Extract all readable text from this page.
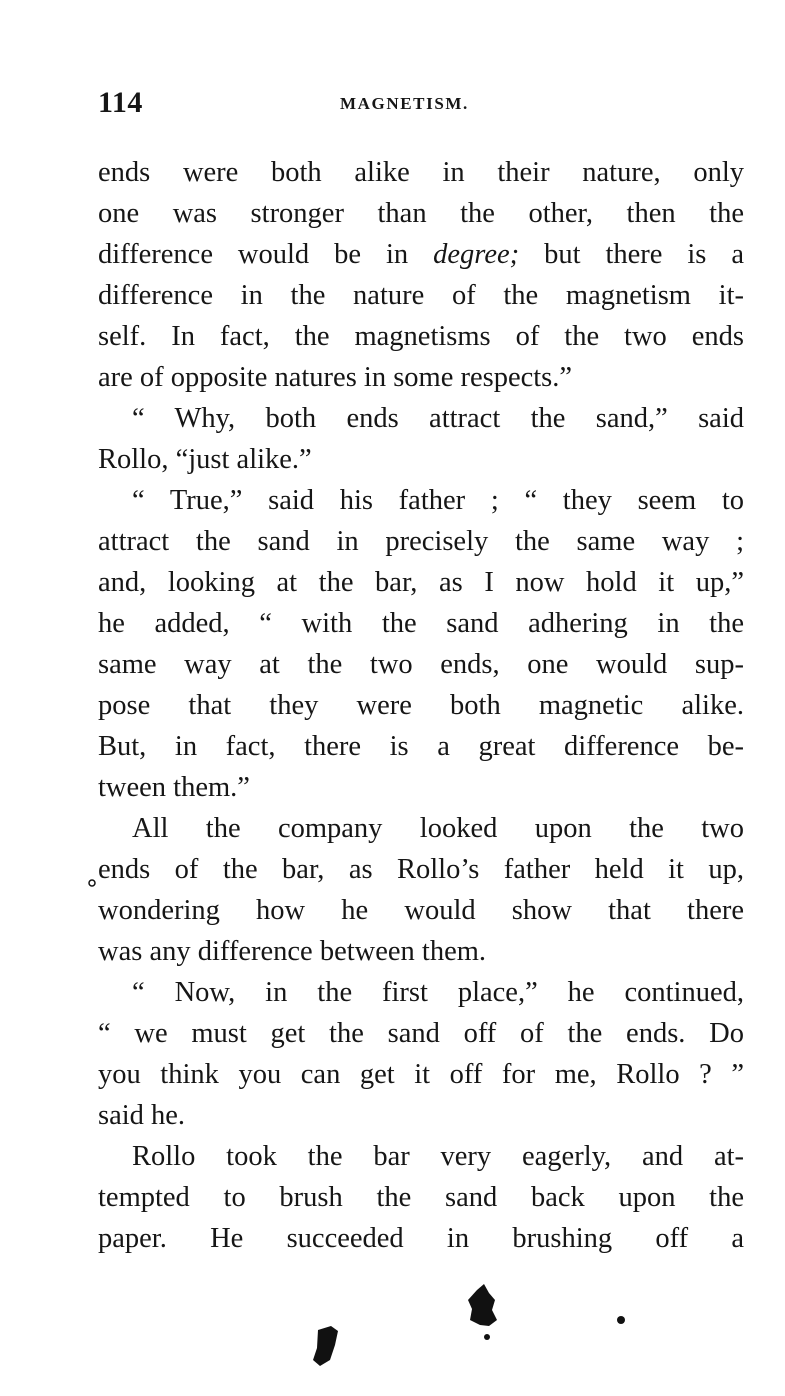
114	MAGNETISM.
ends were both alike in their nature, only
one was stronger than the other, then the
difference would be in degree; but there is a
difference in the nature of the magnetism it-
self. In fact, the magnetisms of the two ends
are of opposite natures in some respects.”
“ Why, both ends attract the sand,” said
Rollo, “just alike.”
“ True,” said his father ; “ they seem to
attract the sand in precisely the same way ;
and, looking at the bar, as I now hold it up,”
he added, “ with the sand adhering in the
same way at the two ends, one would sup-
pose that they were both magnetic alike.
But, in fact, there is a great difference be-
tween them.”
All the company looked upon the two
ends of the bar, as Rollo’s father held it up,
wondering how he would show that there
was any difference between them.
“ Now, in the first place,” he continued,
“ we must get the sand off of the ends. Do
you think you can get it off for me, Rollo ? ”
said he.
Rollo took the bar very eagerly, and at-
tempted to brush the sand back upon the
paper. He succeeded in brushing off a
